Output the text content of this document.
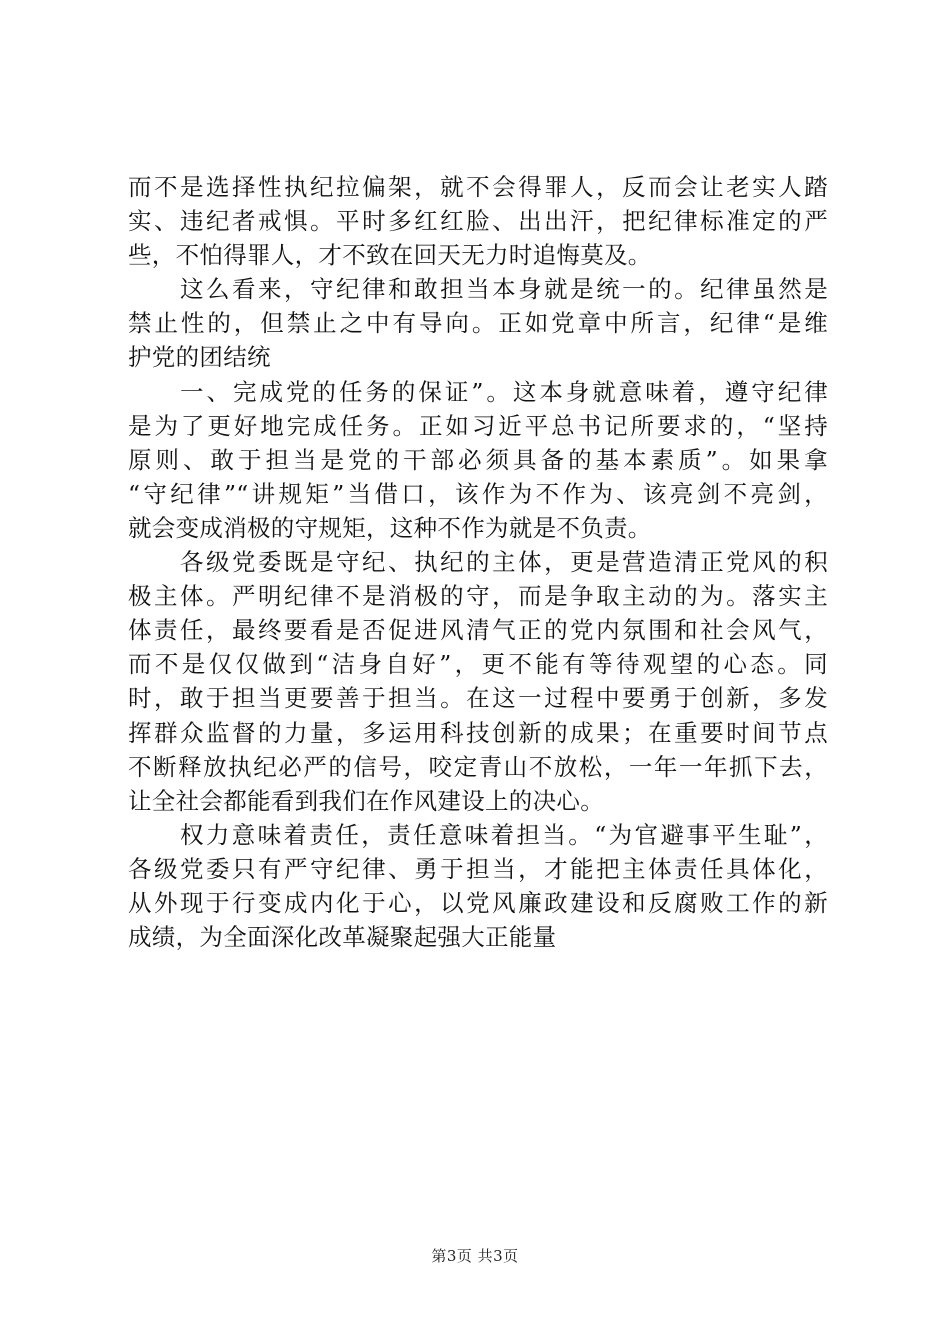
而不是选择性执纪拉偏架，就不会得罪人，反而会让老实人踏
实、违纪者戒惧。平时多红红脸、出出汗，把纪律标准定的严
些，不怕得罪人，才不致在回天无力时追悔莫及。
这么看来，守纪律和敢担当本身就是统一的。纪律虽然是
禁止性的，但禁止之中有导向。正如党章中所言，纪律“是维
护党的团结统
一、完成党的任务的保证”。这本身就意味着，遵守纪律
是为了更好地完成任务。正如习近平总书记所要求的，“坚持
原则、敢于担当是党的干部必须具备的基本素质”。如果拿
“守纪律”“讲规矩”当借口，该作为不作为、该亮剑不亮剑，
就会变成消极的守规矩，这种不作为就是不负责。
各级党委既是守纪、执纪的主体，更是营造清正党风的积
极主体。严明纪律不是消极的守，而是争取主动的为。落实主
体责任，最终要看是否促进风清气正的党内氛围和社会风气，
而不是仅仅做到“洁身自好”，更不能有等待观望的心态。同
时，敢于担当更要善于担当。在这一过程中要勇于创新，多发
挥群众监督的力量，多运用科技创新的成果；在重要时间节点
不断释放执纪必严的信号，咬定青山不放松，一年一年抓下去，
让全社会都能看到我们在作风建设上的决心。
权力意味着责任，责任意味着担当。“为官避事平生耻”，
各级党委只有严守纪律、勇于担当，才能把主体责任具体化，
从外现于行变成内化于心，以党风廉政建设和反腐败工作的新
成绩，为全面深化改革凝聚起强大正能量
第3页 共3页
